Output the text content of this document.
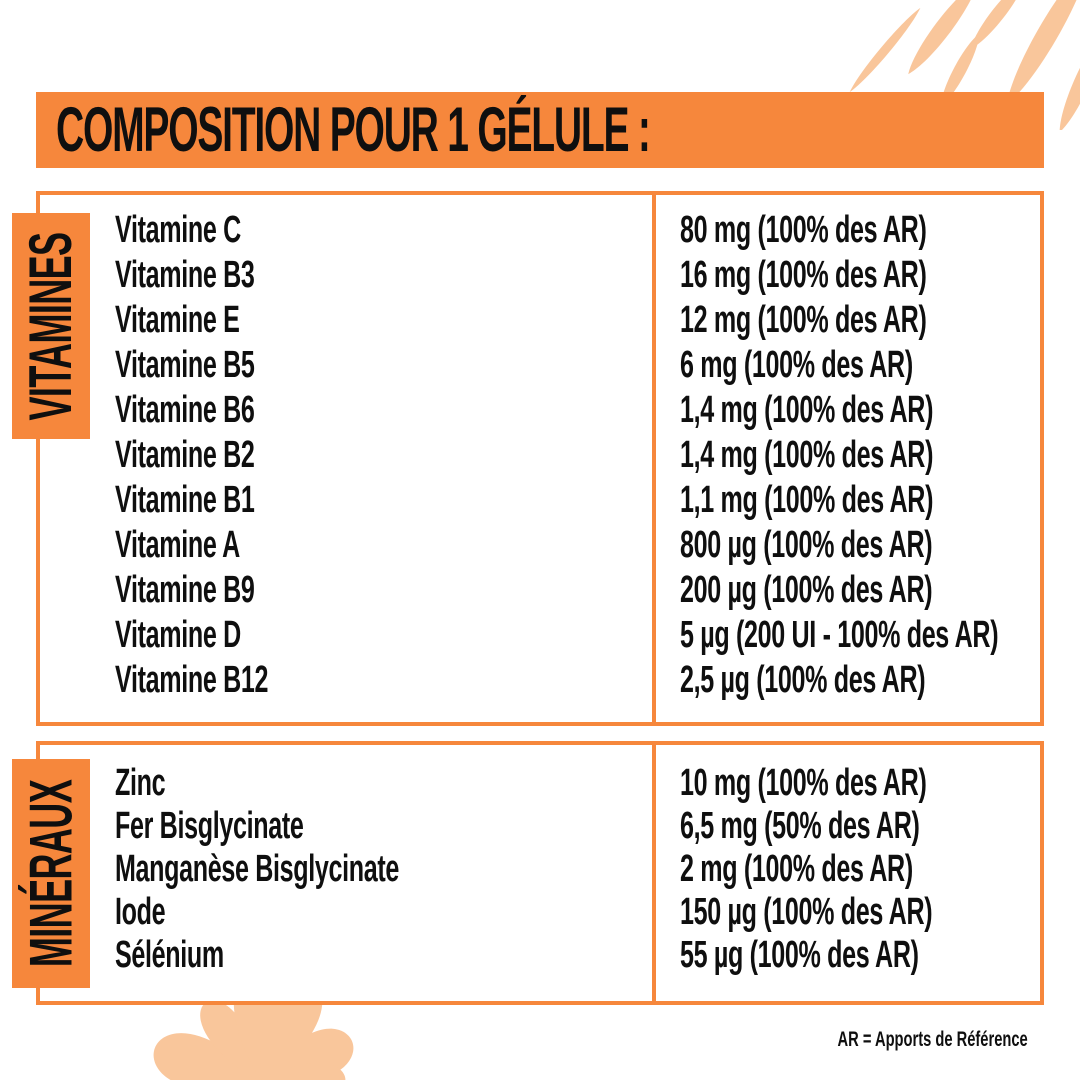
COMPOSITION POUR 1 GÉLULE :
Vitamine C
Vitamine B3
Vitamine E
Vitamine B5
Vitamine B6
Vitamine B2
Vitamine B1
Vitamine A
Vitamine B9
Vitamine D
Vitamine B12
80 mg (100% des AR)
16 mg (100% des AR)
12 mg (100% des AR)
6 mg (100% des AR)
1,4 mg (100% des AR)
1,4 mg (100% des AR)
1,1 mg (100% des AR)
800 µg (100% des AR)
200 µg (100% des AR)
5 µg (200 UI - 100% des AR)
2,5 µg (100% des AR)
VITAMINES
Zinc
Fer Bisglycinate
Manganèse Bisglycinate
Iode
Sélénium
10 mg (100% des AR)
6,5 mg (50% des AR)
2 mg (100% des AR)
150 µg (100% des AR)
55 µg (100% des AR)
MINÉRAUX
AR = Apports de Référence
